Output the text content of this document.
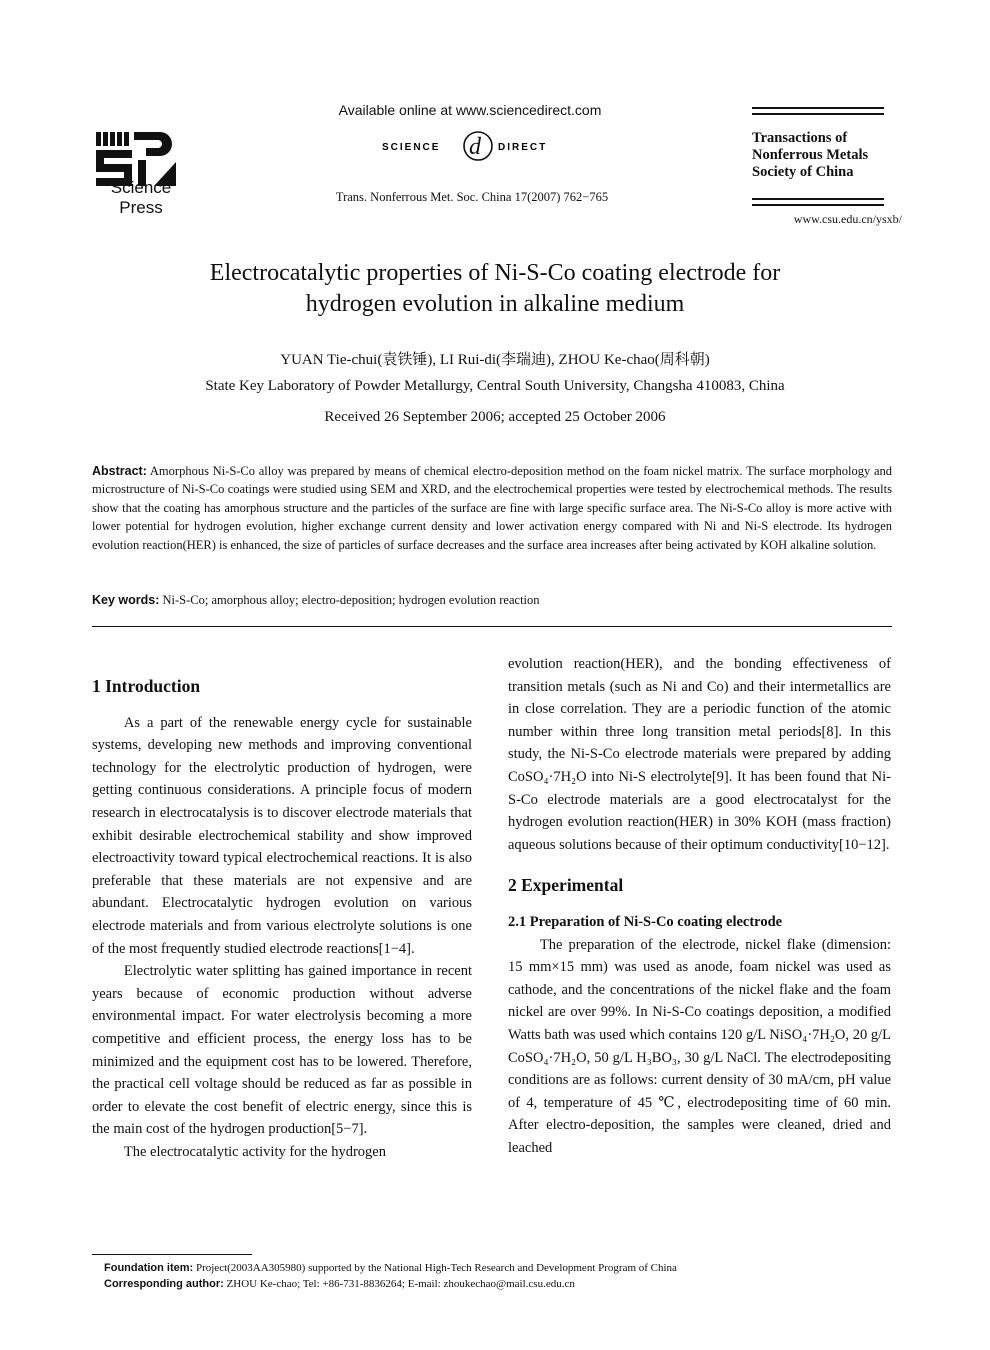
Science
Press
Available online at www.sciencedirect.com
SCIENCE d DIRECT
Trans. Nonferrous Met. Soc. China 17(2007) 762−765
Transactions of
Nonferrous Metals
Society of China
www.csu.edu.cn/ysxb/
Electrocatalytic properties of Ni-S-Co coating electrode for
hydrogen evolution in alkaline medium
YUAN Tie-chui(袁铁锤), LI Rui-di(李瑞迪), ZHOU Ke-chao(周科朝)
State Key Laboratory of Powder Metallurgy, Central South University, Changsha 410083, China
Received 26 September 2006; accepted 25 October 2006
Abstract: Amorphous Ni-S-Co alloy was prepared by means of chemical electro-deposition method on the foam nickel matrix. The surface morphology and microstructure of Ni-S-Co coatings were studied using SEM and XRD, and the electrochemical properties were tested by electrochemical methods. The results show that the coating has amorphous structure and the particles of the surface are fine with large specific surface area. The Ni-S-Co alloy is more active with lower potential for hydrogen evolution, higher exchange current density and lower activation energy compared with Ni and Ni-S electrode. Its hydrogen evolution reaction(HER) is enhanced, the size of particles of surface decreases and the surface area increases after being activated by KOH alkaline solution.
Key words: Ni-S-Co; amorphous alloy; electro-deposition; hydrogen evolution reaction

1 Introduction

As a part of the renewable energy cycle for sustainable systems, developing new methods and improving conventional technology for the electrolytic production of hydrogen, were getting continuous considerations. A principle focus of modern research in electrocatalysis is to discover electrode materials that exhibit desirable electrochemical stability and show improved electroactivity toward typical electrochemical reactions. It is also preferable that these materials are not expensive and are abundant. Electrocatalytic hydrogen evolution on various electrode materials and from various electrolyte solutions is one of the most frequently studied electrode reactions[1−4].

Electrolytic water splitting has gained importance in recent years because of economic production without adverse environmental impact. For water electrolysis becoming a more competitive and efficient process, the energy loss has to be minimized and the equipment cost has to be lowered. Therefore, the practical cell voltage should be reduced as far as possible in order to elevate the cost benefit of electric energy, since this is the main cost of the hydrogen production[5−7].

The electrocatalytic activity for the hydrogen

evolution reaction(HER), and the bonding effectiveness of transition metals (such as Ni and Co) and their intermetallics are in close correlation. They are a periodic function of the atomic number within three long transition metal periods[8]. In this study, the Ni-S-Co electrode materials were prepared by adding CoSO₄·7H₂O into Ni-S electrolyte[9]. It has been found that Ni-S-Co electrode materials are a good electrocatalyst for the hydrogen evolution reaction(HER) in 30% KOH (mass fraction) aqueous solutions because of their optimum conductivity[10−12].

2 Experimental

2.1 Preparation of Ni-S-Co coating electrode

The preparation of the electrode, nickel flake (dimension: 15 mm×15 mm) was used as anode, foam nickel was used as cathode, and the concentrations of the nickel flake and the foam nickel are over 99%. In Ni-S-Co coatings deposition, a modified Watts bath was used which contains 120 g/L NiSO₄·7H₂O, 20 g/L CoSO₄·7H₂O, 50 g/L H₃BO₃, 30 g/L NaCl. The electrodepositing conditions are as follows: current density of 30 mA/cm, pH value of 4, temperature of 45 ℃, electrodepositing time of 60 min. After electro-deposition, the samples were cleaned, dried and leached

Foundation item: Project(2003AA305980) supported by the National High-Tech Research and Development Program of China
Corresponding author: ZHOU Ke-chao; Tel: +86-731-8836264; E-mail: zhoukechao@mail.csu.edu.cn
